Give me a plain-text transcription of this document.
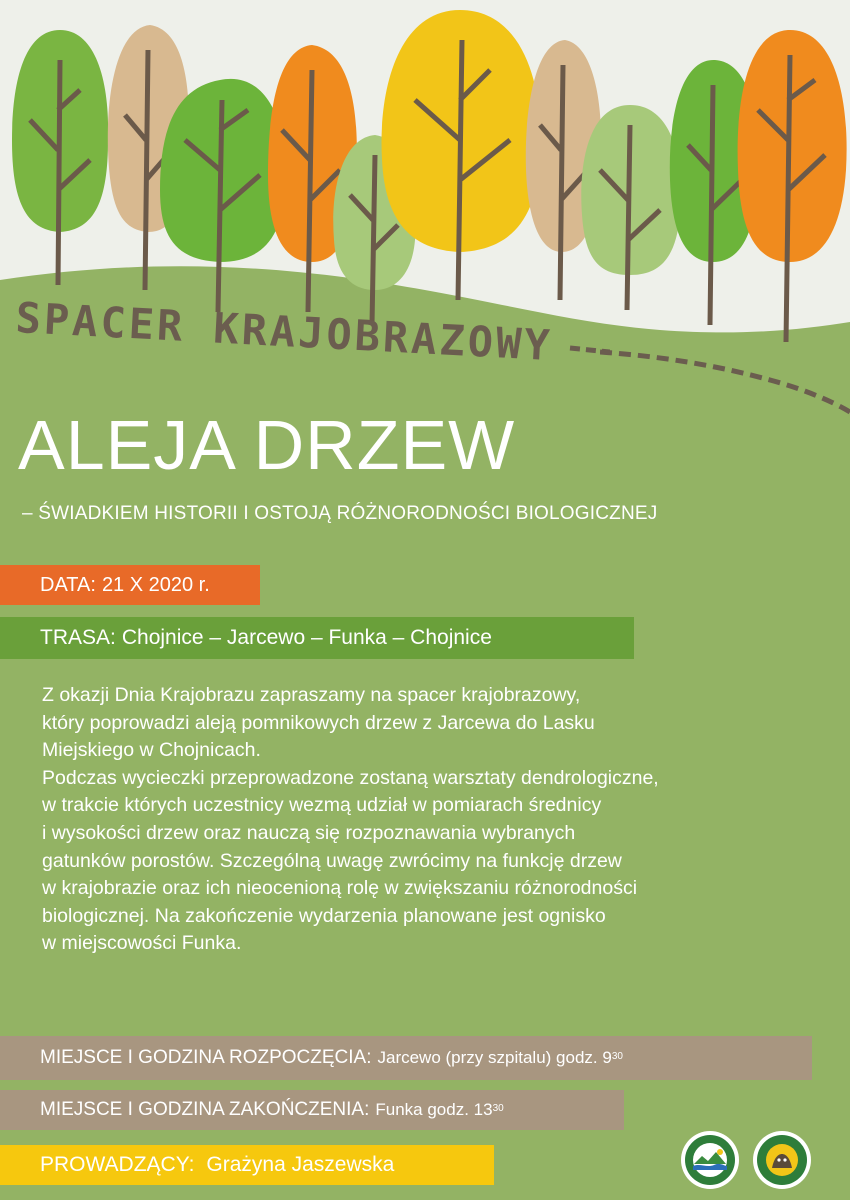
SPACER KRAJOBRAZOWY
ALEJA DRZEW
– ŚWIADKIEM HISTORII I OSTOJĄ RÓŻNORODNOŚCI BIOLOGICZNEJ
DATA: 21 X 2020 r.
TRASA: Chojnice – Jarcewo – Funka – Chojnice
Z okazji Dnia Krajobrazu zapraszamy na spacer krajobrazowy,
który poprowadzi aleją pomnikowych drzew z Jarcewa do Lasku
Miejskiego w Chojnicach.
Podczas wycieczki przeprowadzone zostaną warsztaty dendrologiczne,
w trakcie których uczestnicy wezmą udział w pomiarach średnicy
i wysokości drzew oraz nauczą się rozpoznawania wybranych
gatunków porostów. Szczególną uwagę zwrócimy na funkcję drzew
w krajobrazie oraz ich nieocenioną rolę w zwiększaniu różnorodności
biologicznej. Na zakończenie wydarzenia planowane jest ognisko
w miejscowości Funka.
MIEJSCE I GODZINA ROZPOCZĘCIA: Jarcewo (przy szpitalu) godz. $9^{30}$
MIEJSCE I GODZINA ZAKOŃCZENIA: Funka godz. $13^{30}$
PROWADZĄCY: Grażyna Jaszewska
